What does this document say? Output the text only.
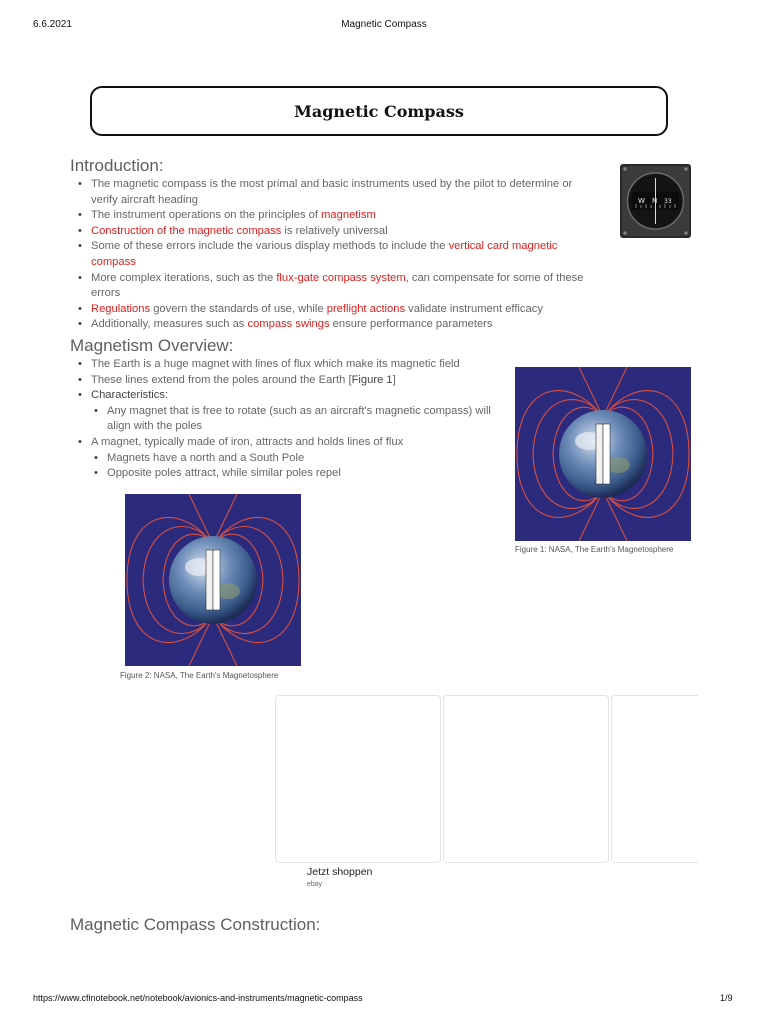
6.6.2021	Magnetic Compass
Magnetic Compass
Introduction:
• The magnetic compass is the most primal and basic instruments used by the pilot to determine or verify aircraft heading
• The instrument operations on the principles of magnetism
• Construction of the magnetic compass is relatively universal
• Some of these errors include the various display methods to include the vertical card magnetic compass
• More complex iterations, such as the flux-gate compass system, can compensate for some of these errors
• Regulations govern the standards of use, while preflight actions validate instrument efficacy
• Additionally, measures such as compass swings ensure performance parameters
W N 33
Magnetism Overview:
• The Earth is a huge magnet with lines of flux which make its magnetic field
• These lines extend from the poles around the Earth [Figure 1]
• Characteristics:
• Any magnet that is free to rotate (such as an aircraft's magnetic compass) will align with the poles
• A magnet, typically made of iron, attracts and holds lines of flux
• Magnets have a north and a South Pole
• Opposite poles attract, while similar poles repel
Figure 1: NASA, The Earth's Magnetosphere
Figure 2: NASA, The Earth's Magnetosphere
Jetzt shoppen
ebay
Magnetic Compass Construction:
https://www.cfinotebook.net/notebook/avionics-and-instruments/magnetic-compass	1/9
